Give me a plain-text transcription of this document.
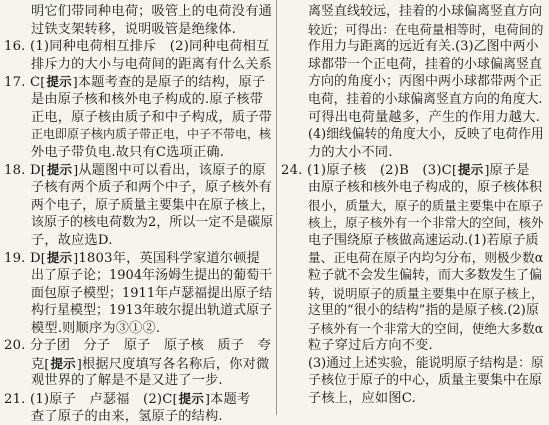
明它们带同种电荷；吸管上的电荷没有通
过铁支架转移，说明吸管是绝缘体.
16. (1)同种电荷相互排斥　(2)同种电荷相互
排斥力的大小与电荷间的距离有什么关系
17. C [ 提示 ] 本题考查的是原子的结构，原子
是由原子核和核外电子构成的.原子核带
正电，原子核由质子和中子构成，质子带
正电即原子核内质子带正电，中子不带电，核
外电子带负电.故只有C选项正确.
18. D [ 提示 ] 从题图中可以看出，该原子的原
子核有两个质子和两个中子，原子核外有
两个电子，原子质量主要集中在原子核上，
该原子的核电荷数为2，所以一定不是碳原
子，故应选D.
19. D [ 提示 ] 1803年，英国科学家道尔顿提
出了原子论；1904年汤姆生提出的葡萄干
面包原子模型；1911年卢瑟福提出原子结
构行星模型；1913年玻尔提出轨道式原子
模型.则顺序为③①②.
20. 分子团　分子　原子　原子核　质子　夸
克 [ 提示 ] 根据尺度填写各名称后，你对微
观世界的了解是不是又进了一步.
21. (1)原子　卢瑟福　(2)C [ 提示 ] 本题考
查了原子的由来，氢原子的结构.
离竖直线较远，挂着的小球偏离竖直方向
较近；可得出：在电荷量相等时，电荷间的
作用力与距离的远近有关.(3)乙图中两小
球都带一个正电荷，挂着的小球偏离竖直
方向的角度小；丙图中两小球都带两个正
电荷，挂着的小球偏离竖直方向的角度大.
可得出电荷量越多，产生的作用力越大.
(4)细线偏转的角度大小，反映了电荷作用
力的大小不同.
24. (1)原子核　(2)B　(3)C [ 提示 ] 原子是
由原子核和核外电子构成的，原子核体积
很小，质量大，原子的质量主要集中在原子
核上，原子核外有一个非常大的空间，核外
电子围绕原子核做高速运动.(1)若原子质
量、正电荷在原子内均匀分布，则极少数α
粒子就不会发生偏转，而大多数发生了偏
转，说明原子的质量主要集中在原子核上，
这里的“很小的结构”指的是原子核.(2)原
子核外有一个非常大的空间，使绝大多数α
粒子穿过后方向不变.
(3)通过上述实验，能说明原子结构是：原
子核位于原子的中心，质量主要集中在原
子核上，应如图C.
